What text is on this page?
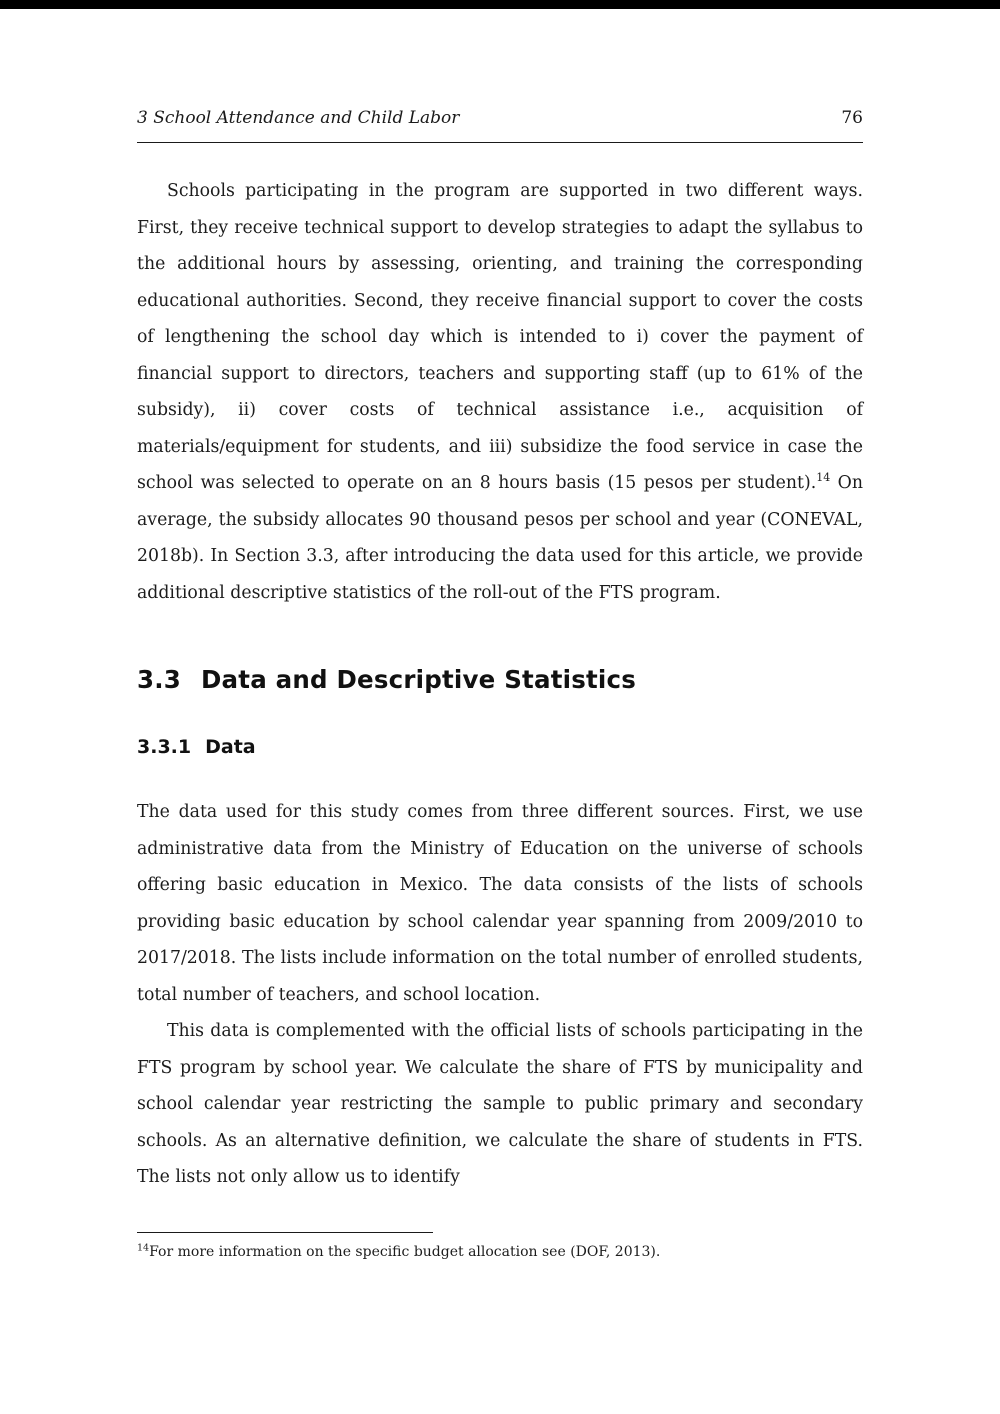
3 School Attendance and Child Labor	76

Schools participating in the program are supported in two different ways. First, they receive technical support to develop strategies to adapt the syllabus to the additional hours by assessing, orienting, and training the corresponding educational authorities. Second, they receive financial support to cover the costs of lengthening the school day which is intended to i) cover the payment of financial support to directors, teachers and supporting staff (up to 61% of the subsidy), ii) cover costs of technical assistance i.e., acquisition of materials/equipment for students, and iii) subsidize the food service in case the school was selected to operate on an 8 hours basis (15 pesos per student).$^{14}$ On average, the subsidy allocates 90 thousand pesos per school and year (CONEVAL, 2018b). In Section 3.3, after introducing the data used for this article, we provide additional descriptive statistics of the roll-out of the FTS program.

3.3 Data and Descriptive Statistics
3.3.1 Data

The data used for this study comes from three different sources. First, we use administrative data from the Ministry of Education on the universe of schools offering basic education in Mexico. The data consists of the lists of schools providing basic education by school calendar year spanning from 2009/2010 to 2017/2018. The lists include information on the total number of enrolled students, total number of teachers, and school location.

This data is complemented with the official lists of schools participating in the FTS program by school year. We calculate the share of FTS by municipality and school calendar year restricting the sample to public primary and secondary schools. As an alternative definition, we calculate the share of students in FTS. The lists not only allow us to identify

$^{14}$For more information on the specific budget allocation see (DOF, 2013).
